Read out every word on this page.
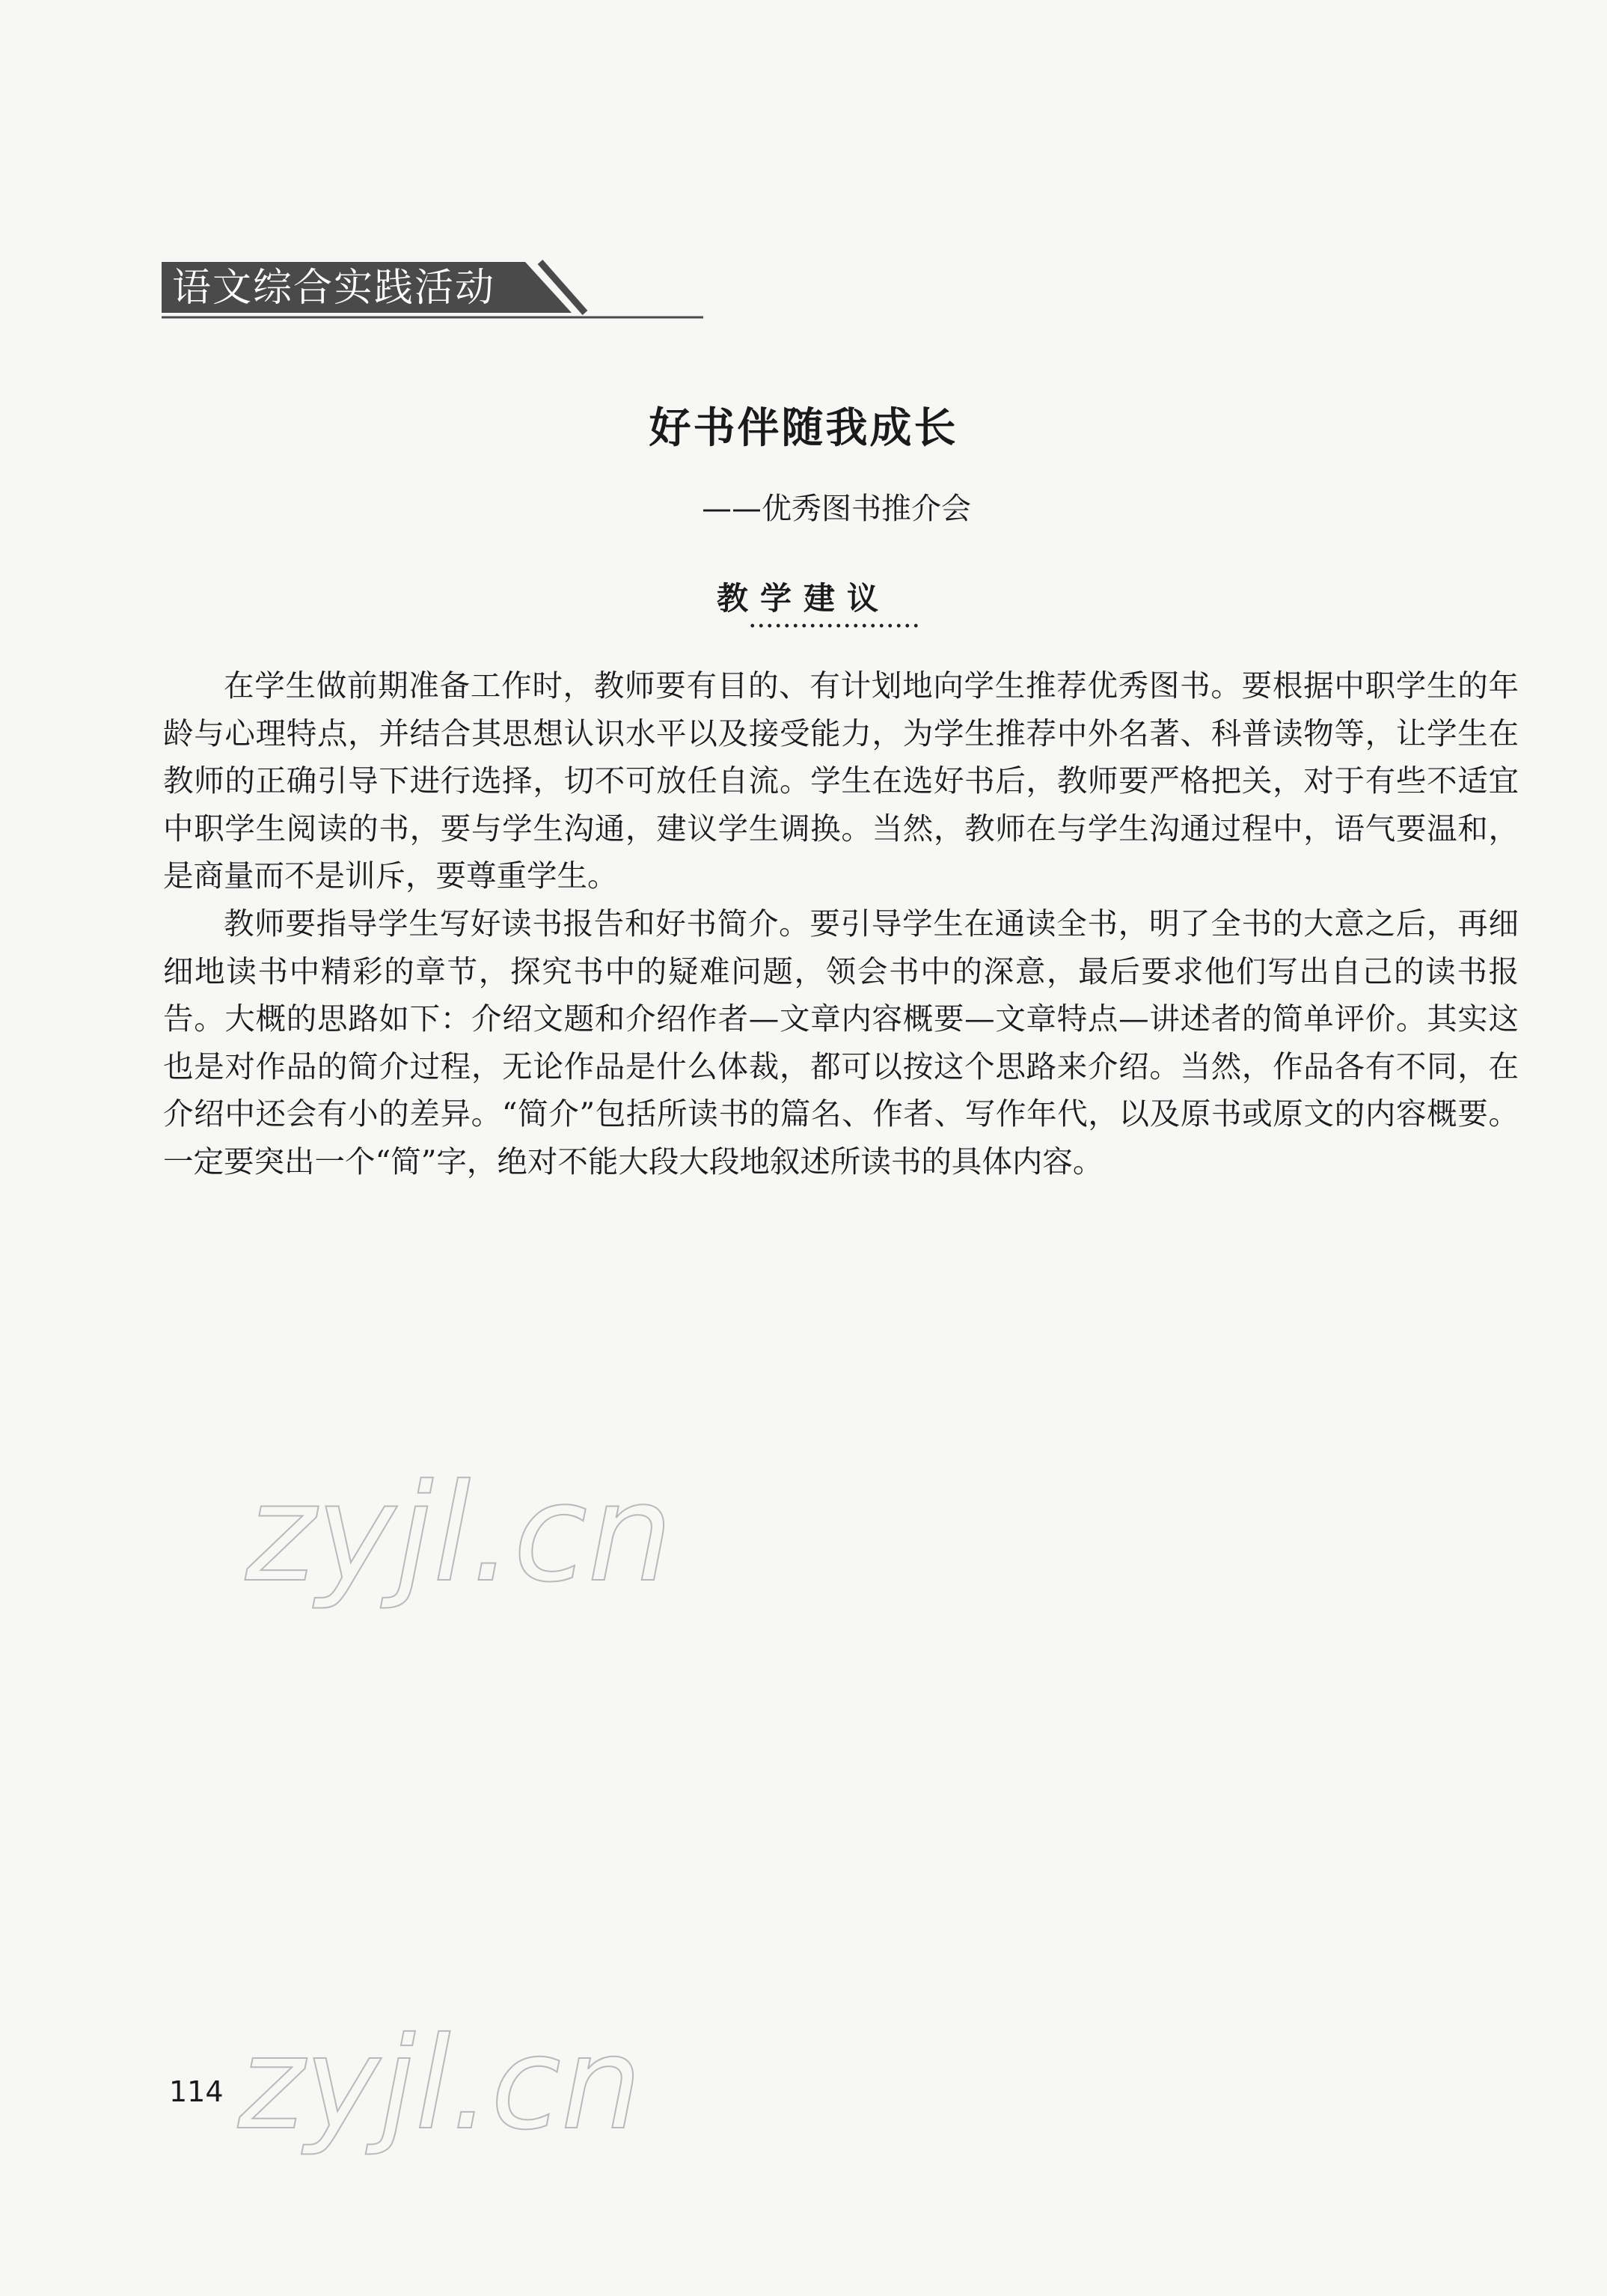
语文综合实践活动
好书伴随我成长
——优秀图书推介会
教学建议

在学生做前期准备工作时，教师要有目的、有计划地向学生推荐优秀图书。要根据中职学生的年龄与心理特点，并结合其思想认识水平以及接受能力，为学生推荐中外名著、科普读物等，让学生在教师的正确引导下进行选择，切不可放任自流。学生在选好书后，教师要严格把关，对于有些不适宜中职学生阅读的书，要与学生沟通，建议学生调换。当然，教师在与学生沟通过程中，语气要温和，是商量而不是训斥，要尊重学生。

教师要指导学生写好读书报告和好书简介。要引导学生在通读全书，明了全书的大意之后，再细细地读书中精彩的章节，探究书中的疑难问题，领会书中的深意，最后要求他们写出自己的读书报告。大概的思路如下：介绍文题和介绍作者—文章内容概要—文章特点—讲述者的简单评价。其实这也是对作品的简介过程，无论作品是什么体裁，都可以按这个思路来介绍。当然，作品各有不同，在介绍中还会有小的差异。“简介”包括所读书的篇名、作者、写作年代，以及原书或原文的内容概要。一定要突出一个“简”字，绝对不能大段大段地叙述所读书的具体内容。

zyjl.cn
zyjl.cn
114
